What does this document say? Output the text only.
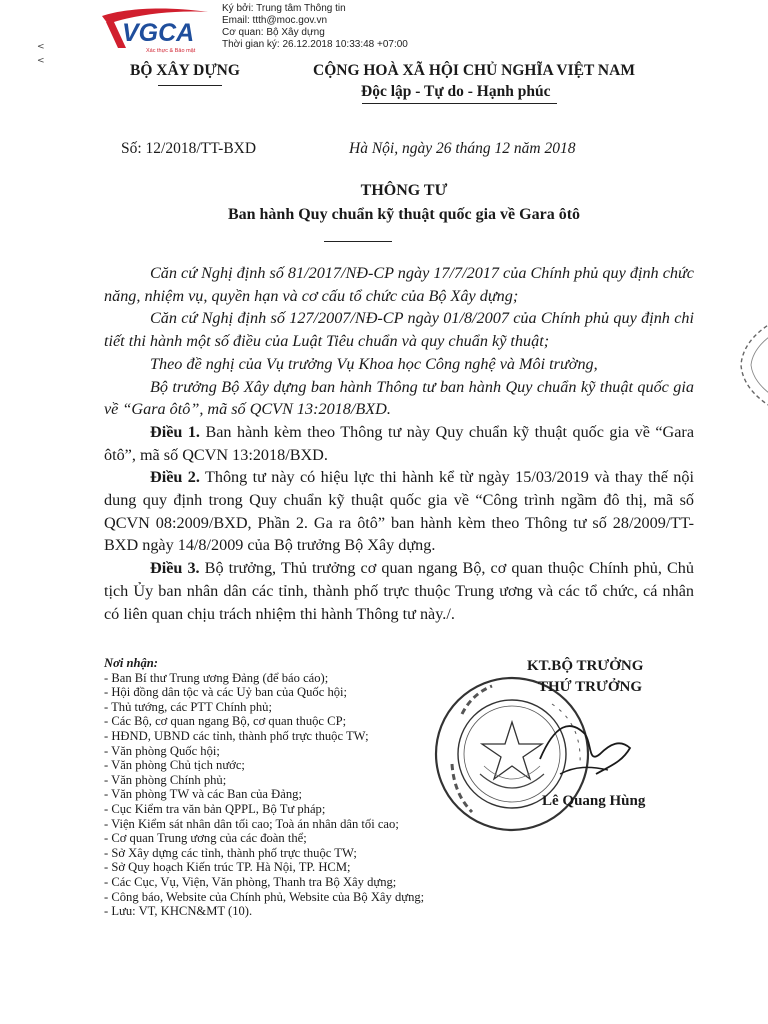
VGCA
Xác thực & Bảo mật
Ký bởi: Trung tâm Thông tin
Email: ttth@moc.gov.vn
Cơ quan: Bộ Xây dựng
Thời gian ký: 26.12.2018 10:33:48 +07:00
<
<
BỘ XÂY DỰNG	CỘNG HOÀ XÃ HỘI CHỦ NGHĨA VIỆT NAM
Độc lập - Tự do - Hạnh phúc
Số: 12/2018/TT-BXD	Hà Nội, ngày 26 tháng 12 năm 2018
THÔNG TƯ
Ban hành Quy chuẩn kỹ thuật quốc gia về Gara ôtô

Căn cứ Nghị định số 81/2017/NĐ-CP ngày 17/7/2017 của Chính phủ quy định chức năng, nhiệm vụ, quyền hạn và cơ cấu tổ chức của Bộ Xây dựng;

Căn cứ Nghị định số 127/2007/NĐ-CP ngày 01/8/2007 của Chính phủ quy định chi tiết thi hành một số điều của Luật Tiêu chuẩn và quy chuẩn kỹ thuật;

Theo đề nghị của Vụ trưởng Vụ Khoa học Công nghệ và Môi trường,

Bộ trưởng Bộ Xây dựng ban hành Thông tư ban hành Quy chuẩn kỹ thuật quốc gia về “Gara ôtô”, mã số QCVN 13:2018/BXD.

Điều 1. Ban hành kèm theo Thông tư này Quy chuẩn kỹ thuật quốc gia về “Gara ôtô”, mã số QCVN 13:2018/BXD.

Điều 2. Thông tư này có hiệu lực thi hành kể từ ngày 15/03/2019 và thay thế nội dung quy định trong Quy chuẩn kỹ thuật quốc gia về “Công trình ngầm đô thị, mã số QCVN 08:2009/BXD, Phần 2. Ga ra ôtô” ban hành kèm theo Thông tư số 28/2009/TT-BXD ngày 14/8/2009 của Bộ trưởng Bộ Xây dựng.

Điều 3. Bộ trưởng, Thủ trưởng cơ quan ngang Bộ, cơ quan thuộc Chính phủ, Chủ tịch Ủy ban nhân dân các tỉnh, thành phố trực thuộc Trung ương và các tổ chức, cá nhân có liên quan chịu trách nhiệm thi hành Thông tư này./.

Nơi nhận:
- Ban Bí thư Trung ương Đảng (để báo cáo);
- Hội đồng dân tộc và các Uỷ ban của Quốc hội;
- Thủ tướng, các PTT Chính phủ;
- Các Bộ, cơ quan ngang Bộ, cơ quan thuộc CP;
- HĐND, UBND các tỉnh, thành phố trực thuộc TW;
- Văn phòng Quốc hội;
- Văn phòng Chủ tịch nước;
- Văn phòng Chính phủ;
- Văn phòng TW và các Ban của Đảng;
- Cục Kiểm tra văn bản QPPL, Bộ Tư pháp;
- Viện Kiểm sát nhân dân tối cao; Toà án nhân dân tối cao;
- Cơ quan Trung ương của các đoàn thể;
- Sở Xây dựng các tỉnh, thành phố trực thuộc TW;
- Sở Quy hoạch Kiến trúc TP. Hà Nội, TP. HCM;
- Các Cục, Vụ, Viện, Văn phòng, Thanh tra Bộ Xây dựng;
- Công báo, Website của Chính phủ, Website của Bộ Xây dựng;
- Lưu: VT, KHCN&MT (10).
KT.BỘ TRƯỞNG
THỨ TRƯỞNG
Lê Quang Hùng
